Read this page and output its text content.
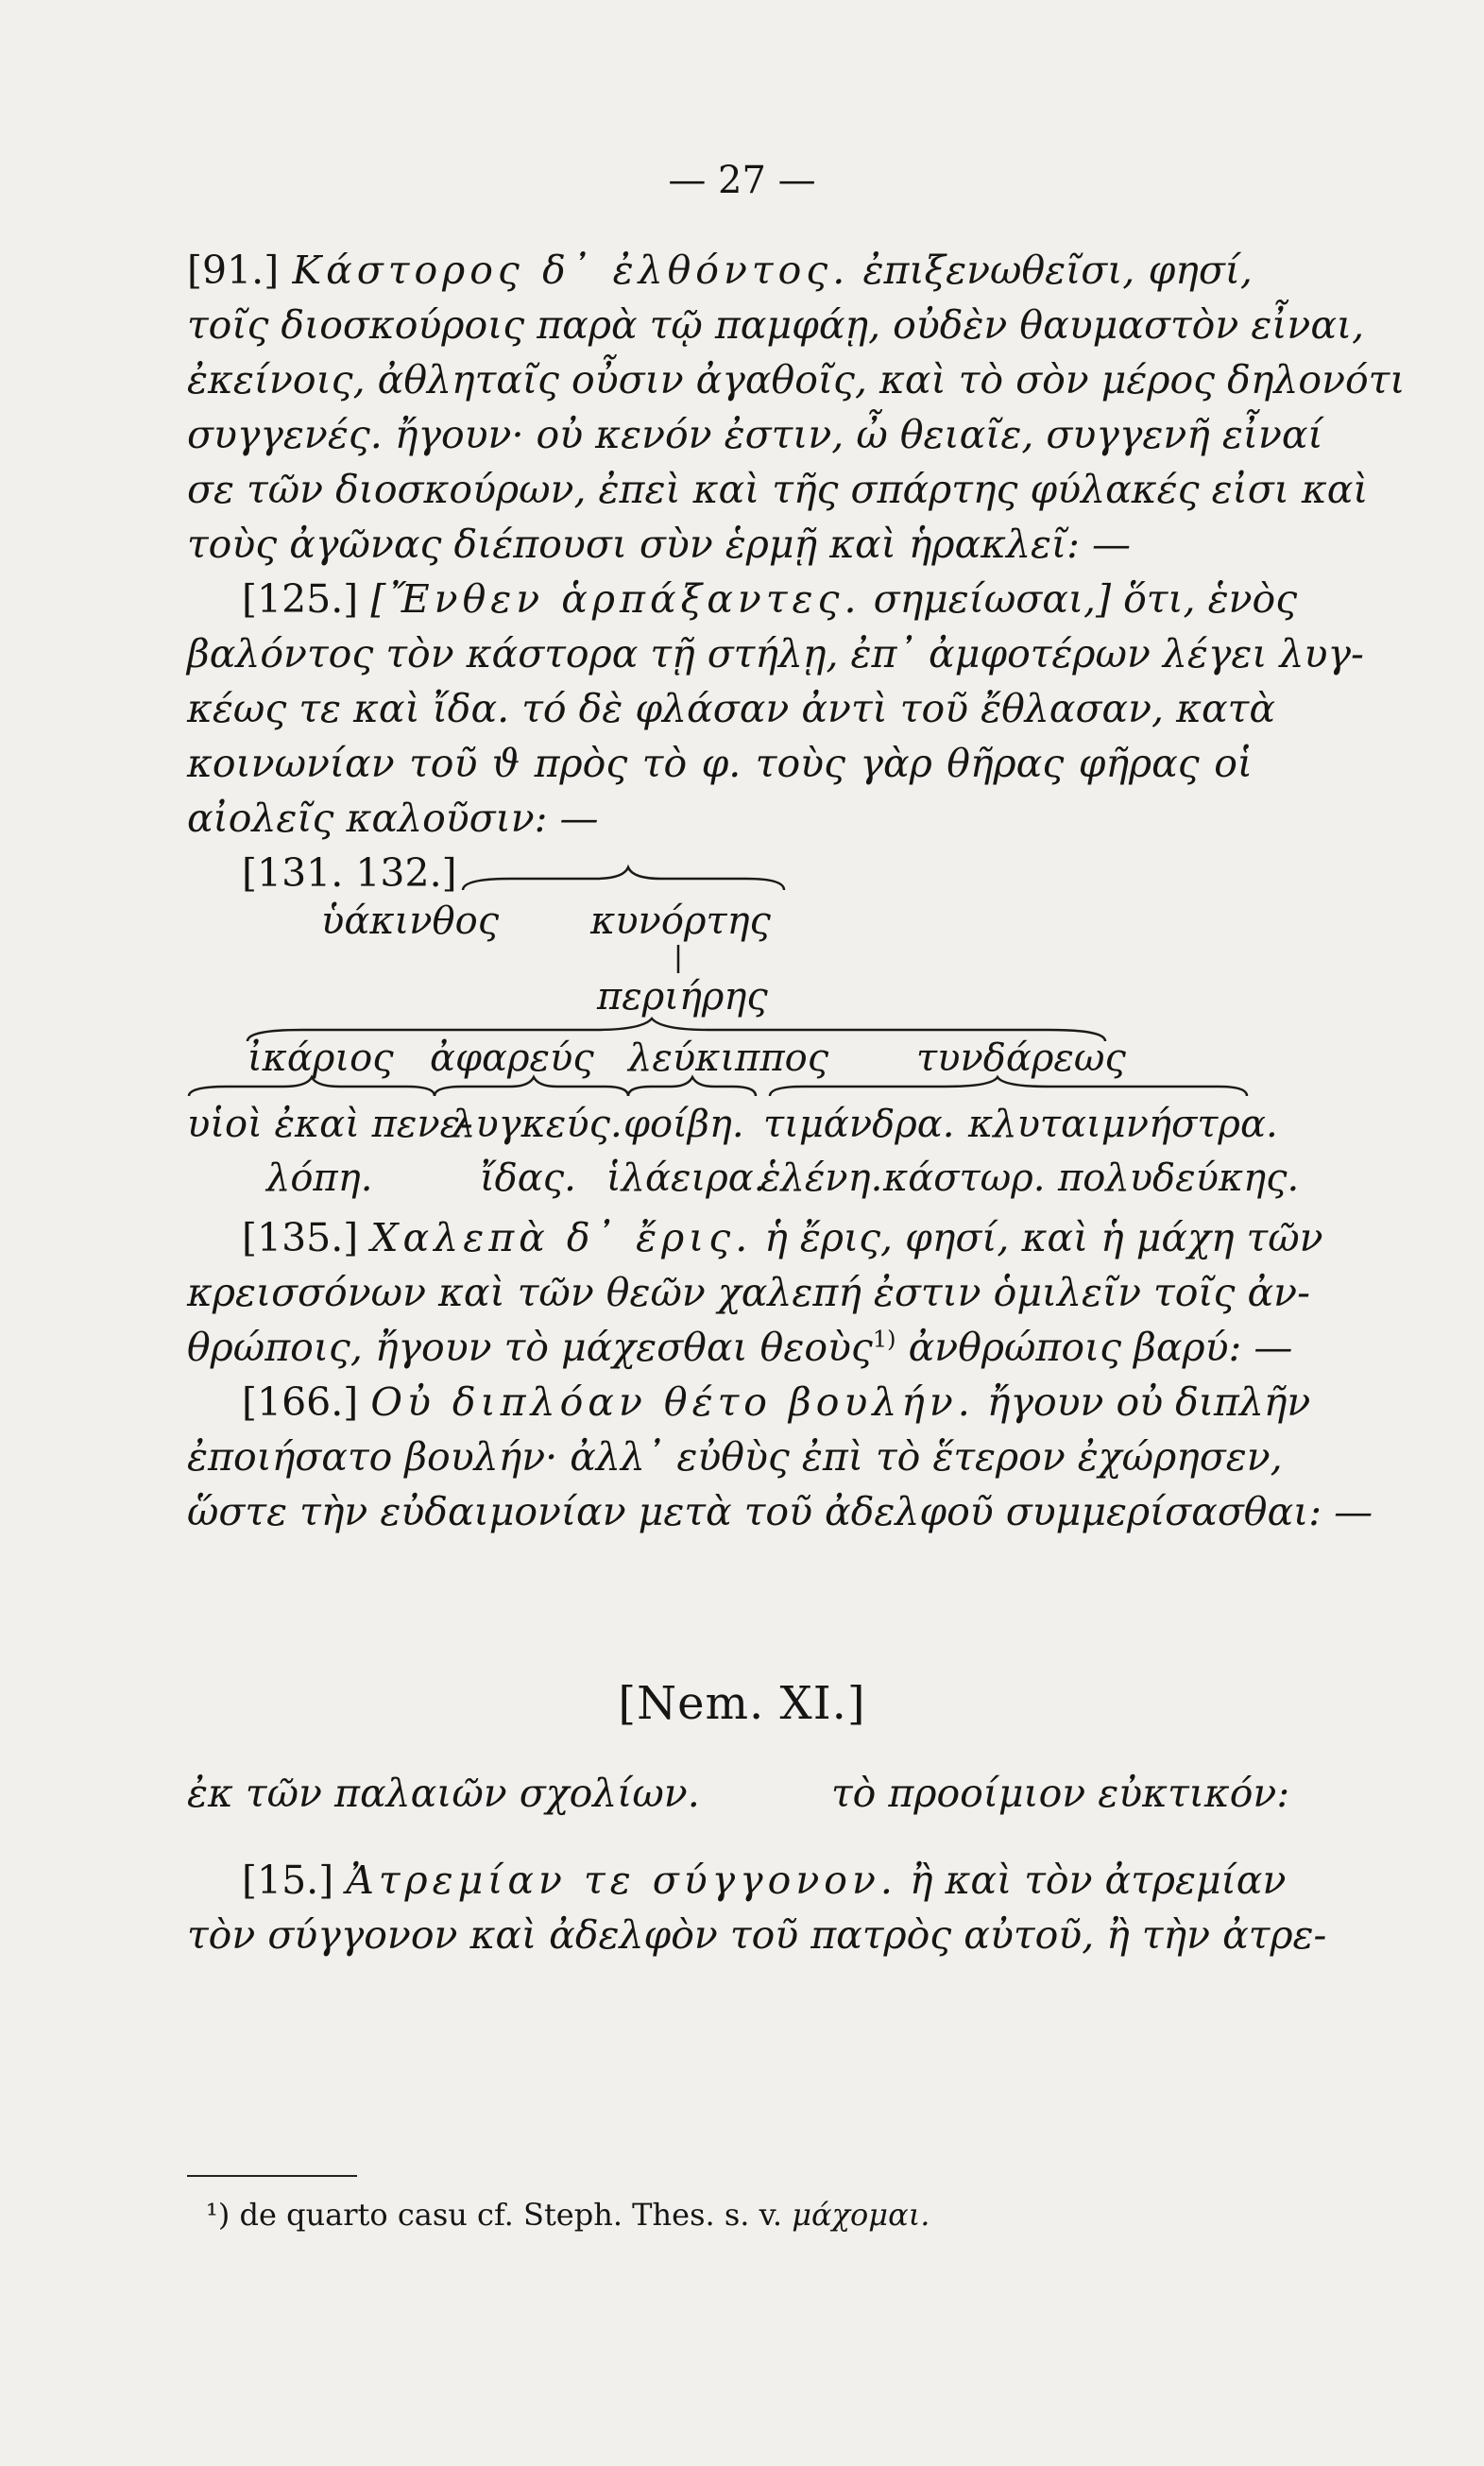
— 27 —
[91.] Κάστορος δ᾽ ἐλθόντος. ἐπιξενωθεῖσι, φησί,
τοῖς διοσκούροις παρὰ τῷ παμφάῃ, οὐδὲν θαυμαστὸν εἶναι,
ἐκείνοις, ἀθληταῖς οὖσιν ἀγαθοῖς, καὶ τὸ σὸν μέρος δηλονότι
συγγενές. ἤγουν· οὐ κενόν ἐστιν, ὦ θειαῖε, συγγενῆ εἶναί
σε τῶν διοσκούρων, ἐπεὶ καὶ τῆς σπάρτης φύλακές εἰσι καὶ
τοὺς ἀγῶνας διέπουσι σὺν ἑρμῇ καὶ ἡρακλεῖ: —
[125.] [Ἔνθεν ἁρπάξαντες. σημείωσαι,] ὅτι, ἑνὸς
βαλόντος τὸν κάστορα τῇ στήλῃ, ἐπ᾽ ἀμφοτέρων λέγει λυγ-
κέως τε καὶ ἴδα. τό δὲ φλάσαν ἀντὶ τοῦ ἔθλασαν, κατὰ
κοινωνίαν τοῦ ϑ πρὸς τὸ φ. τοὺς γὰρ θῆρας φῆρας οἱ
αἰολεῖς καλοῦσιν: —
[131. 132.]
ὑάκινθος κυνόρτης
περιήρης
ἰκάριος ἀφαρεύς λεύκιππος τυνδάρεως
υἱοὶ ἐκαὶ πενε-
λυγκεύς. φοίβη. τιμάνδρα. κλυταιμνήστρα.
λόπη.	ἴδας. ἱλάειρα.
ἑλένη. κάστωρ. πολυδεύκης.
[135.] Χαλεπὰ δ᾽ ἔρις. ἡ ἔρις, φησί, καὶ ἡ μάχη τῶν
κρεισσόνων καὶ τῶν θεῶν χαλεπή ἐστιν ὁμιλεῖν τοῖς ἀν-
θρώποις, ἤγουν τὸ μάχεσθαι θεοὺς$^{1)}$ ἀνθρώποις βαρύ: —
[166.] Οὐ διπλόαν θέτο βουλήν. ἤγουν οὐ διπλῆν
ἐποιήσατο βουλήν· ἀλλ᾽ εὐθὺς ἐπὶ τὸ ἕτερον ἐχώρησεν,
ὥστε τὴν εὐδαιμονίαν μετὰ τοῦ ἀδελφοῦ συμμερίσασθαι: —
[Nem. XI.]
ἐκ τῶν παλαιῶν σχολίων.	τὸ προοίμιον εὐκτικόν:
[15.] Ἀτρεμίαν τε σύγγονον. ἢ καὶ τὸν ἀτρεμίαν
τὸν σύγγονον καὶ ἀδελφὸν τοῦ πατρὸς αὐτοῦ, ἢ τὴν ἀτρε-
¹) de quarto casu cf. Steph. Thes. s. v. μάχομαι.
